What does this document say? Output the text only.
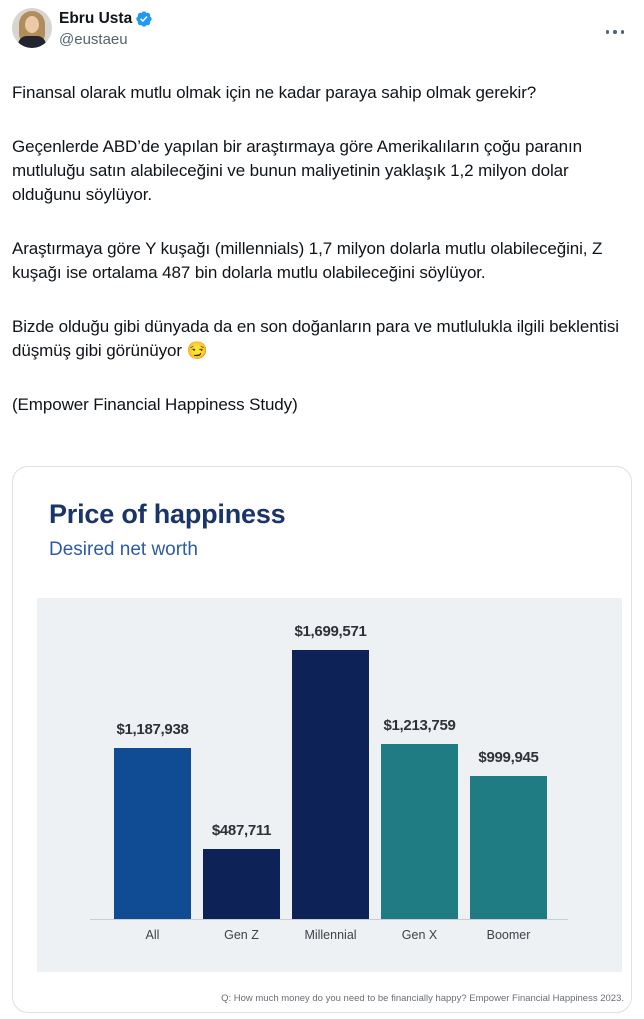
Ebru Usta
@eustaeu

Finansal olarak mutlu olmak için ne kadar paraya sahip olmak gerekir?

Geçenlerde ABD’de yapılan bir araştırmaya göre Amerikalıların çoğu paranın mutluluğu satın alabileceğini ve bunun maliyetinin yaklaşık 1,2 milyon dolar olduğunu söylüyor.

Araştırmaya göre Y kuşağı (millennials) 1,7 milyon dolarla mutlu olabileceğini, Z kuşağı ise ortalama 487 bin dolarla mutlu olabileceğini söylüyor.

Bizde olduğu gibi dünyada da en son doğanların para ve mutlulukla ilgili beklentisi düşmüş gibi görünüyor 😏

(Empower Financial Happiness Study)

Price of happiness
Desired net worth
$1,187,938
$487,711
$1,699,571
$1,213,759
$999,945
All	Gen Z	Millennial	Gen X	Boomer
Q: How much money do you need to be financially happy? Empower Financial Happiness 2023.
